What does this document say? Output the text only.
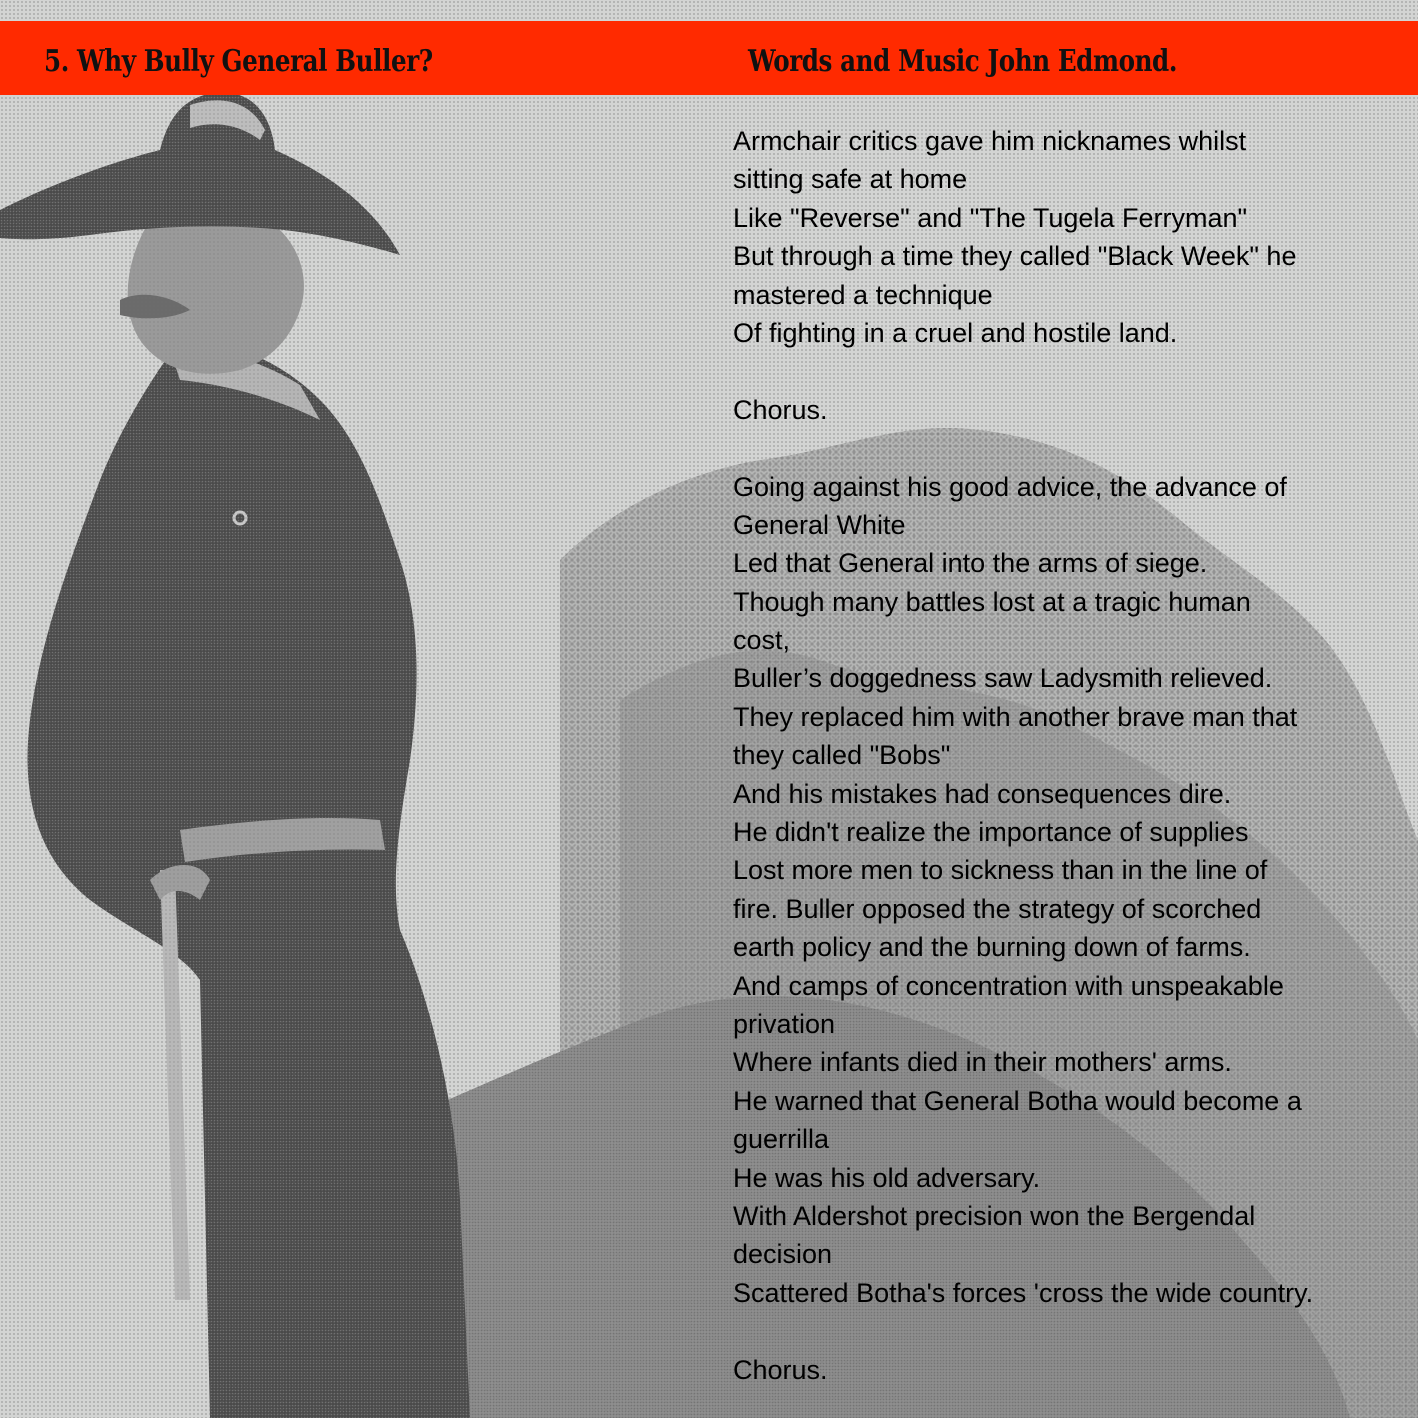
5. Why Bully General Buller?	Words and Music John Edmond.
Armchair critics gave him nicknames whilst
sitting safe at home
Like "Reverse" and "The Tugela Ferryman"
But through a time they called "Black Week" he
mastered a technique
Of fighting in a cruel and hostile land.
Chorus.
Going against his good advice, the advance of
General White
Led that General into the arms of siege.
Though many battles lost at a tragic human
cost,
Buller’s doggedness saw Ladysmith relieved.
They replaced him with another brave man that
they called "Bobs"
And his mistakes had consequences dire.
He didn't realize the importance of supplies
Lost more men to sickness than in the line of
fire. Buller opposed the strategy of scorched
earth policy and the burning down of farms.
And camps of concentration with unspeakable
privation
Where infants died in their mothers' arms.
He warned that General Botha would become a
guerrilla
He was his old adversary.
With Aldershot precision won the Bergendal
decision
Scattered Botha's forces 'cross the wide country.
Chorus.
